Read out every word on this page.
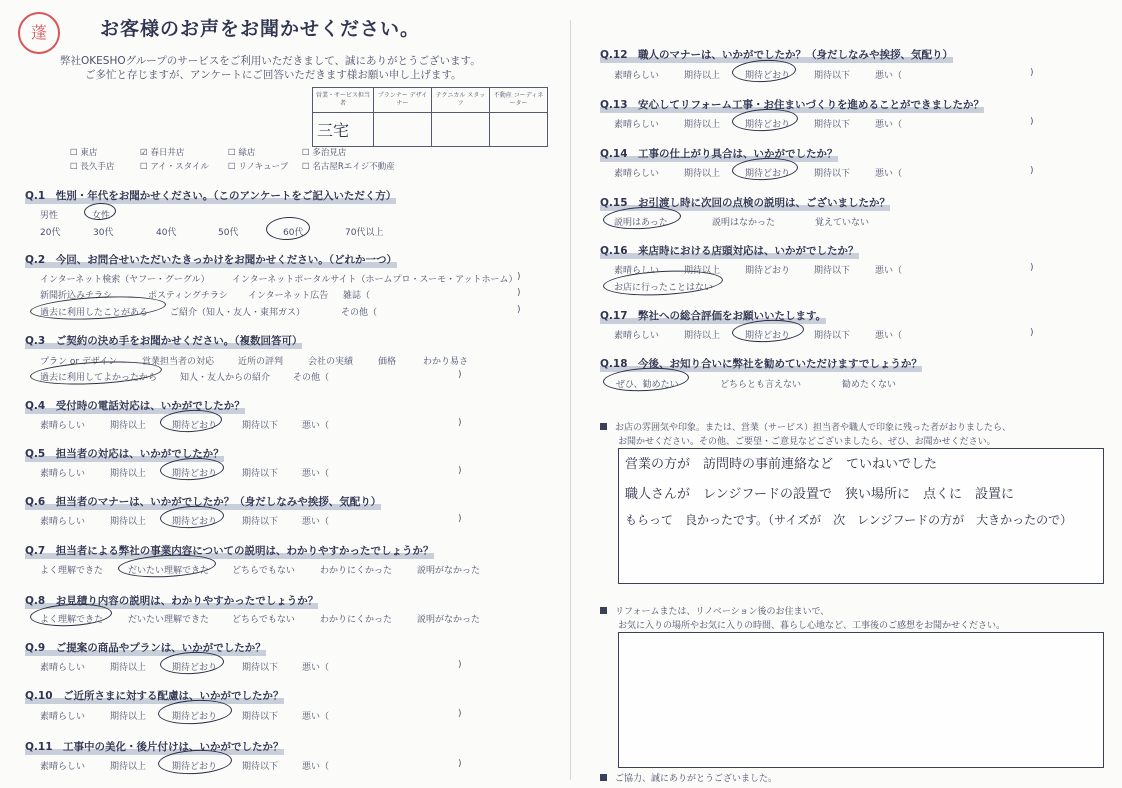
蓬	お客様のお声をお聞かせください。
弊社OKESHOグループのサービスをご利用いただきまして、誠にありがとうございます。
ご多忙と存じますが、アンケートにご回答いただきます様お願い申し上げます。
営業・サービス担当者	プランナー デザイナー	テクニカル スタッフ	不動産 コーディネーター
三宅			
☐ 東店	☑ 春日井店	☐ 緑店	☐ 多治見店
☐ 長久手店	☐ アイ・スタイル ☐ リノキューブ ☐ 名古屋Rエイジ不動産
Q.1　性別・年代をお聞かせください。（このアンケートをご記入いただく方）
男性	女性
20代	30代	40代	50代	60代	70代以上
Q.2　今回、お問合せいただいたきっかけをお聞かせください。（どれか一つ）
インターネット検索（ヤフー・グーグル） インターネットポータルサイト（ホームプロ・スーモ・アットホーム） )
新聞折込みチラシ	ポスティングチラシ インターネット広告 雑誌（	)
過去に利用したことがある ご紹介（知人・友人・東邦ガス）	その他（	)
Q.3　ご契約の決め手をお聞かせください。（複数回答可）
プラン or デザイン	営業担当者の対応	近所の評判	会社の実績	価格	わかり易さ
過去に利用してよかったから	知人・友人からの紹介	その他（	)
Q.4　受付時の電話対応は、いかがでしたか？
素晴らしい	期待以上	期待どおり	期待以下	悪い（	)
Q.5　担当者の対応は、いかがでしたか？
素晴らしい	期待以上	期待どおり	期待以下	悪い（	)
Q.6　担当者のマナーは、いかがでしたか？（身だしなみや挨拶、気配り）
素晴らしい	期待以上	期待どおり	期待以下	悪い（	)
Q.7　担当者による弊社の事業内容についての説明は、わかりやすかったでしょうか？
よく理解できた	だいたい理解できた	どちらでもない	わかりにくかった	説明がなかった
Q.8　お見積り内容の説明は、わかりやすかったでしょうか？
よく理解できた	だいたい理解できた	どちらでもない	わかりにくかった	説明がなかった
Q.9　ご提案の商品やプランは、いかがでしたか？
素晴らしい	期待以上	期待どおり	期待以下	悪い（	)
Q.10　ご近所さまに対する配慮は、いかがでしたか？
素晴らしい	期待以上	期待どおり	期待以下	悪い（	)
Q.11　工事中の美化・後片付けは、いかがでしたか？
素晴らしい	期待以上	期待どおり	期待以下	悪い（	)
Q.12　職人のマナーは、いかがでしたか？（身だしなみや挨拶、気配り）
素晴らしい	期待以上	期待どおり	期待以下	悪い（	)
Q.13　安心してリフォーム工事・お住まいづくりを進めることができましたか？
素晴らしい	期待以上	期待どおり	期待以下	悪い（	)
Q.14　工事の仕上がり具合は、いかがでしたか？
素晴らしい	期待以上	期待どおり	期待以下	悪い（	)
Q.15　お引渡し時に次回の点検の説明は、ございましたか？
説明はあった	説明はなかった	覚えていない
Q.16　来店時における店頭対応は、いかがでしたか？
素晴らしい	期待以上	期待どおり	期待以下	悪い（	)
お店に行ったことはない
Q.17　弊社への総合評価をお願いいたします。
素晴らしい	期待以上	期待どおり	期待以下	悪い（	)
Q.18　今後、お知り合いに弊社を勧めていただけますでしょうか？
ぜひ、勧めたい	どちらとも言えない	勧めたくない
お店の雰囲気や印象。または、営業（サービス）担当者や職人で印象に残った者がおりましたら、
お聞かせください。その他、ご要望・ご意見などございましたら、ぜひ、お聞かせください。
営業の方が　訪問時の事前連絡など　ていねいでした
職人さんが　レンジフードの設置で　狭い場所に　点くに　設置に
もらって　良かったです。（サイズが　次　レンジフードの方が　大きかったので）
リフォームまたは、リノベーション後のお住まいで、
お気に入りの場所やお気に入りの時間、暮らし心地など、工事後のご感想をお聞かせください。
ご協力、誠にありがとうございました。
